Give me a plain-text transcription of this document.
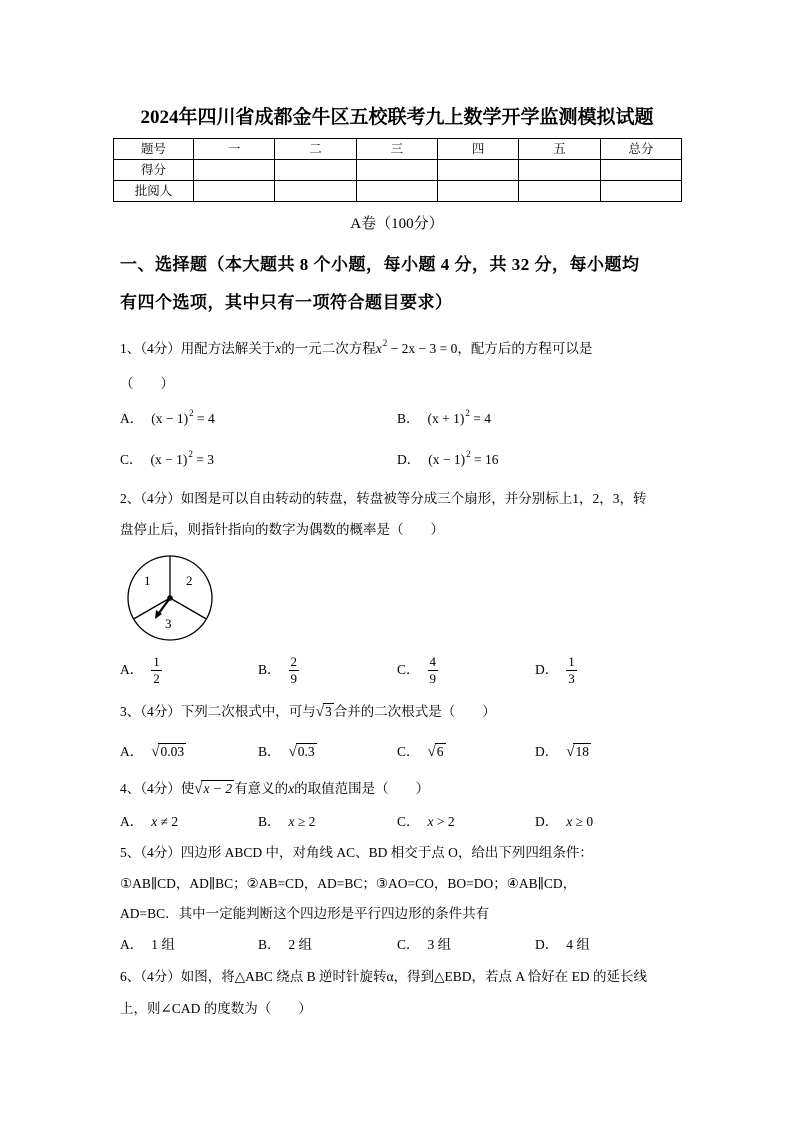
2024年四川省成都金牛区五校联考九上数学开学监测模拟试题
题号	一	二	三	四	五	总分
得分						
批阅人						
A卷（100分）
一、选择题（本大题共 8 个小题，每小题 4 分，共 32 分，每小题均
有四个选项，其中只有一项符合题目要求）
1、（4分）用配方法解关于x的一元二次方程$x^2 - 2x - 3 = 0$，配方后的方程可以是
（　　）
A． $(x - 1)^2 = 4$	B． $(x + 1)^2 = 4$
C． $(x - 1)^2 = 3$	D． $(x - 1)^2 = 16$
2、（4分）如图是可以自由转动的转盘，转盘被等分成三个扇形，并分别标上1，2，3，转
盘停止后，则指针指向的数字为偶数的概率是（　　）
1	2
3
A． $\frac{1}{2}$	B． $\frac{2}{9}$	C． $\frac{4}{9}$	D． $\frac{1}{3}$
3、（4分）下列二次根式中，可与√3 合并的二次根式是（　　）
A． √0.03	B． √0.3	C． √6	D． √18
4、（4分）使√x − 2 有意义的x的取值范围是（　　）
A． x ≠ 2	B． x ≥ 2	C． x > 2	D． x ≥ 0
5、（4分）四边形 ABCD 中，对角线 AC、BD 相交于点 O，给出下列四组条件：
①AB∥CD，AD∥BC；②AB=CD，AD=BC；③AO=CO，BO=DO；④AB∥CD，
AD=BC．其中一定能判断这个四边形是平行四边形的条件共有
A． 1 组	B． 2 组	C． 3 组	D． 4 组
6、（4分）如图，将△ABC 绕点 B 逆时针旋转α，得到△EBD，若点 A 恰好在 ED 的延长线
上，则∠CAD 的度数为（　　）
